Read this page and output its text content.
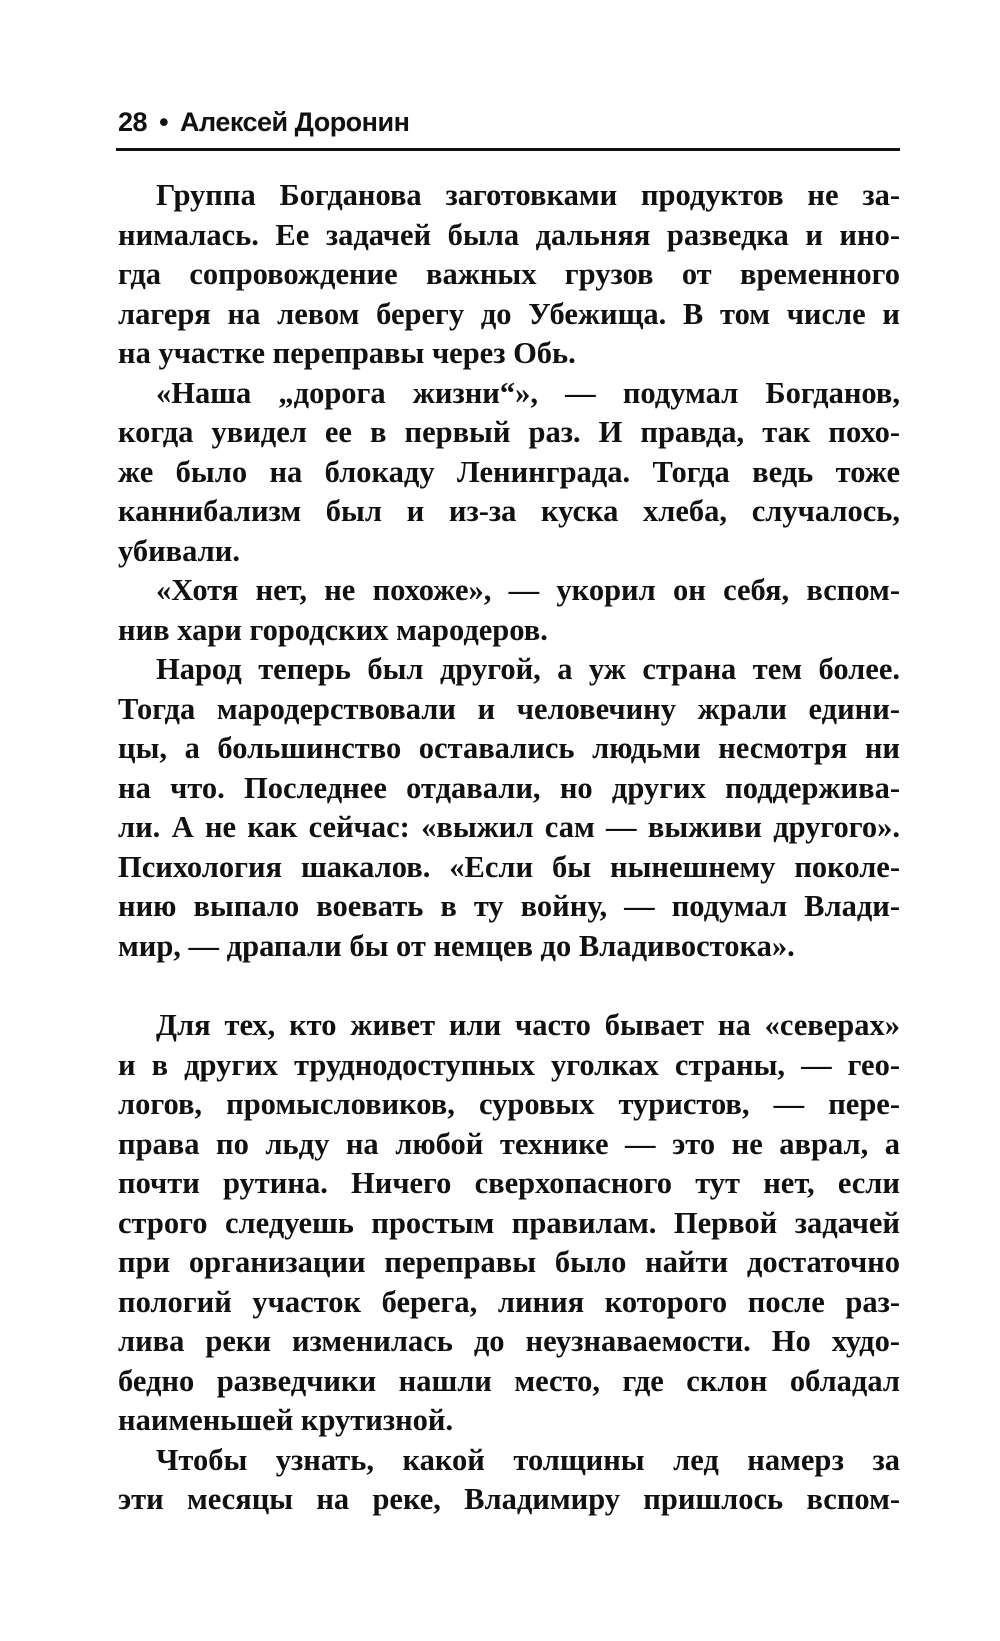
28 • Алексей Доронин

Группа Богданова заготовками продуктов не за-
нималась. Ее задачей была дальняя разведка и ино-
гда сопровождение важных грузов от временного
лагеря на левом берегу до Убежища. В том числе и
на участке переправы через Обь.

«Наша „дорога жизни“», — подумал Богданов,
когда увидел ее в первый раз. И правда, так похо-
же было на блокаду Ленинграда. Тогда ведь тоже
каннибализм был и из-за куска хлеба, случалось,
убивали.

«Хотя нет, не похоже», — укорил он себя, вспом-
нив хари городских мародеров.

Народ теперь был другой, а уж страна тем более.
Тогда мародерствовали и человечину жрали едини-
цы, а большинство оставались людьми несмотря ни
на что. Последнее отдавали, но других поддержива-
ли. А не как сейчас: «выжил сам — выживи другого».
Психология шакалов. «Если бы нынешнему поколе-
нию выпало воевать в ту войну, — подумал Влади-
мир, — драпали бы от немцев до Владивостока».

Для тех, кто живет или часто бывает на «северах»
и в других труднодоступных уголках страны, — гео-
логов, промысловиков, суровых туристов, — пере-
права по льду на любой технике — это не аврал, а
почти рутина. Ничего сверхопасного тут нет, если
строго следуешь простым правилам. Первой задачей
при организации переправы было найти достаточно
пологий участок берега, линия которого после раз-
лива реки изменилась до неузнаваемости. Но худо-
бедно разведчики нашли место, где склон обладал
наименьшей крутизной.

Чтобы узнать, какой толщины лед намерз за
эти месяцы на реке, Владимиру пришлось вспом-
